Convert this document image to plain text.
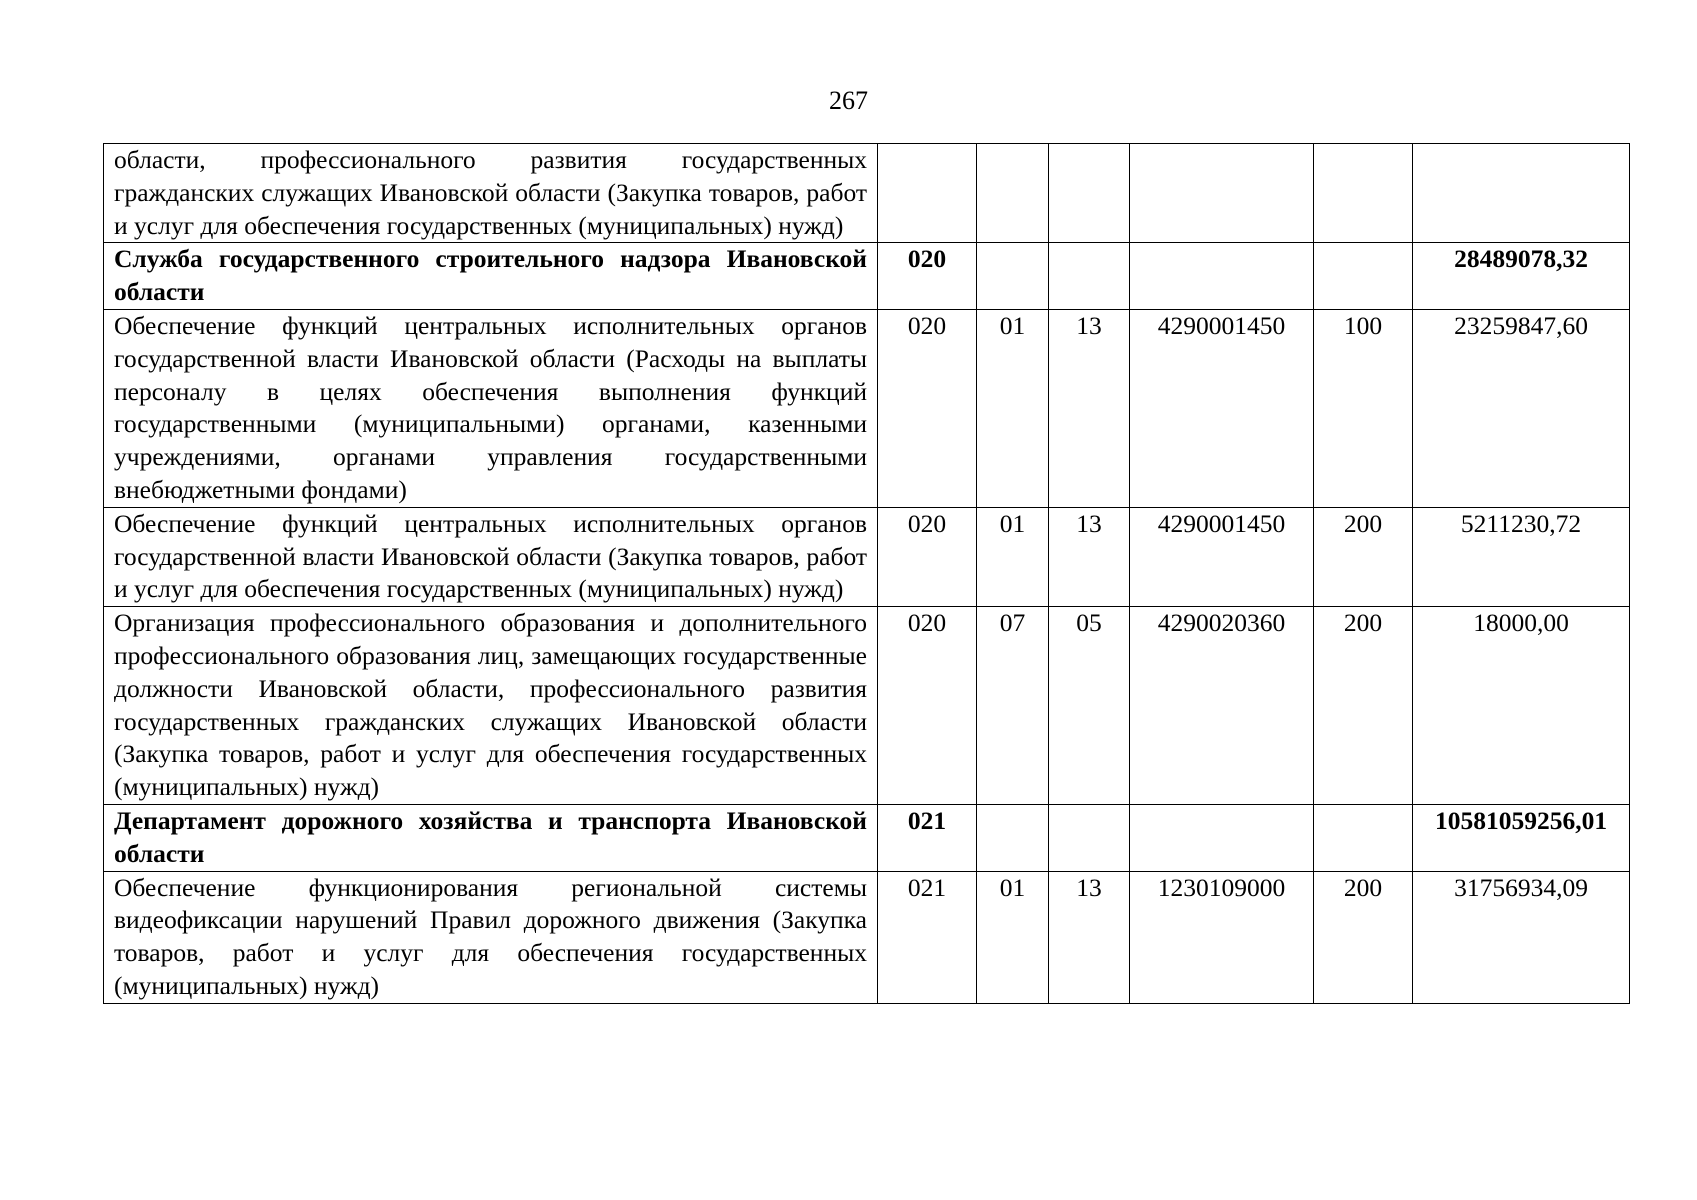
267
области, профессионального развития государственных гражданских служащих Ивановской области (Закупка товаров, работ и услуг для обеспечения государственных (муниципальных) нужд)						
Служба государственного строительного надзора Ивановской области	020					28489078,32
Обеспечение функций центральных исполнительных органов государственной власти Ивановской области (Расходы на выплаты персоналу в целях обеспечения выполнения функций государственными (муниципальными) органами, казенными учреждениями, органами управления государственными внебюджетными фондами)	020	01	13	4290001450	100	23259847,60
Обеспечение функций центральных исполнительных органов государственной власти Ивановской области (Закупка товаров, работ и услуг для обеспечения государственных (муниципальных) нужд)	020	01	13	4290001450	200	5211230,72
Организация профессионального образования и дополнительного профессионального образования лиц, замещающих государственные должности Ивановской области, профессионального развития государственных гражданских служащих Ивановской области (Закупка товаров, работ и услуг для обеспечения государственных (муниципальных) нужд)	020	07	05	4290020360	200	18000,00
Департамент дорожного хозяйства и транспорта Ивановской области	021					10581059256,01
Обеспечение функционирования региональной системы видеофиксации нарушений Правил дорожного движения (Закупка товаров, работ и услуг для обеспечения государственных (муниципальных) нужд)	021	01	13	1230109000	200	31756934,09
